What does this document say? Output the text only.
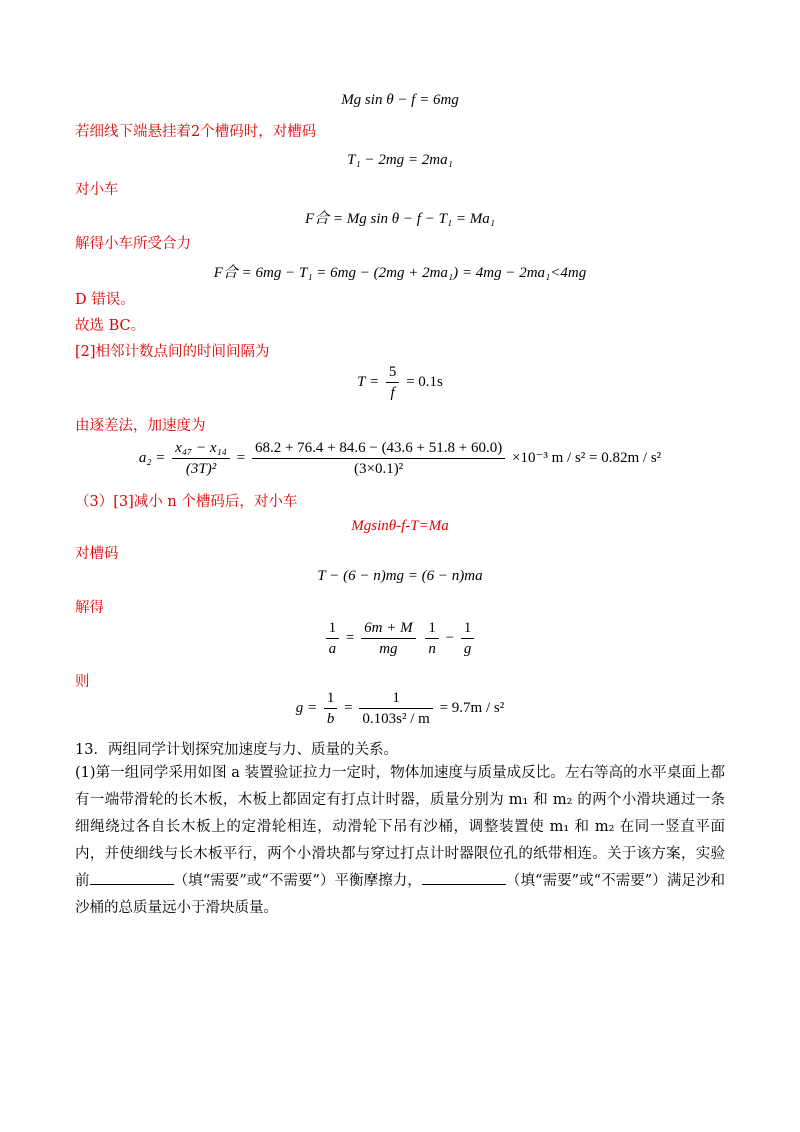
Mg sin θ − f = 6mg
若细线下端悬挂着2个槽码时，对槽码
T₁ − 2mg = 2ma₁
对小车
F合 = Mg sin θ − f − T₁ = Ma₁
解得小车所受合力
F合 = 6mg − T₁ = 6mg − (2mg + 2ma₁) = 4mg − 2ma₁<4mg
D 错误。
故选 BC。
[2]相邻计数点间的时间间隔为
$T = \frac{5}{f} = 0.1s$
由逐差法，加速度为
$a_2 = \frac{\text{x₄₇ − x₁₄}}{\text{(3T)²}} = \frac{68.2 + 76.4 + 84.6 - (43.6 + 51.8 + 60.0)}{\text{(3×0.1)²}} \times 10^{-3}$ m / s² = 0.82m / s²
（3）[3]减小 n 个槽码后，对小车
Mgsinθ-f-T=Ma
对槽码
T − (6 − n)mg = (6 − n)ma
解得
$\frac{1}{a} = \frac{6m + M}{mg}$
$\frac{1}{n} - \frac{1}{g}$
则
$g = \frac{1}{b} = \frac{1}{\text{0.103s² / m}} = 9.7m / s^2$
13．两组同学计划探究加速度与力、质量的关系。
(1)第一组同学采用如图 a 装置验证拉力一定时，物体加速度与质量成反比。左右等高的水平桌面上都有一端带滑轮的长木板，木板上都固定有打点计时器，质量分别为 m₁ 和 m₂ 的两个小滑块通过一条细绳绕过各自长木板上的定滑轮相连，动滑轮下吊有沙桶，调整装置使 m₁ 和 m₂ 在同一竖直平面内，并使细线与长木板平行，两个小滑块都与穿过打点计时器限位孔的纸带相连。关于该方案，实验前	（填“需要”或“不需要”）平衡摩擦力，	（填“需要”或“不需要”）满足沙和沙桶的总质量远小于滑块质量。
